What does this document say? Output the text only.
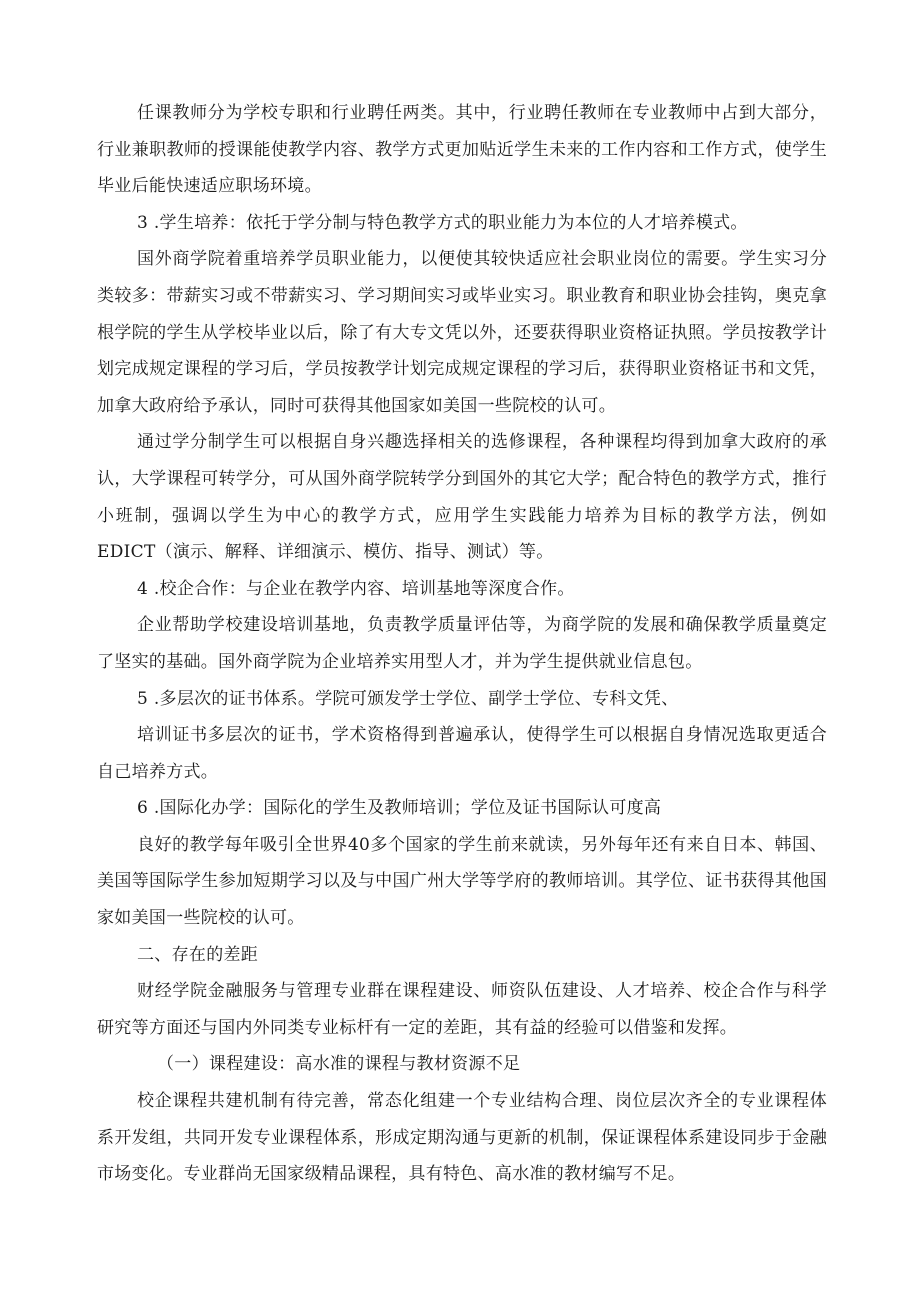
任课教师分为学校专职和行业聘任两类。其中，行业聘任教师在专业教师中占到大部分，行业兼职教师的授课能使教学内容、教学方式更加贴近学生未来的工作内容和工作方式，使学生毕业后能快速适应职场环境。

3 .学生培养：依托于学分制与特色教学方式的职业能力为本位的人才培养模式。

国外商学院着重培养学员职业能力，以便使其较快适应社会职业岗位的需要。学生实习分类较多：带薪实习或不带薪实习、学习期间实习或毕业实习。职业教育和职业协会挂钩，奥克拿根学院的学生从学校毕业以后，除了有大专文凭以外，还要获得职业资格证执照。学员按教学计划完成规定课程的学习后，学员按教学计划完成规定课程的学习后，获得职业资格证书和文凭，加拿大政府给予承认，同时可获得其他国家如美国一些院校的认可。

通过学分制学生可以根据自身兴趣选择相关的选修课程，各种课程均得到加拿大政府的承认，大学课程可转学分，可从国外商学院转学分到国外的其它大学；配合特色的教学方式，推行小班制，强调以学生为中心的教学方式，应用学生实践能力培养为目标的教学方法，例如EDICT（演示、解释、详细演示、模仿、指导、测试）等。

4 .校企合作：与企业在教学内容、培训基地等深度合作。

企业帮助学校建设培训基地，负责教学质量评估等，为商学院的发展和确保教学质量奠定了坚实的基础。国外商学院为企业培养实用型人才，并为学生提供就业信息包。

5 .多层次的证书体系。学院可颁发学士学位、副学士学位、专科文凭、

培训证书多层次的证书，学术资格得到普遍承认，使得学生可以根据自身情况选取更适合自己培养方式。

6 .国际化办学：国际化的学生及教师培训；学位及证书国际认可度高

良好的教学每年吸引全世界40多个国家的学生前来就读，另外每年还有来自日本、韩国、美国等国际学生参加短期学习以及与中国广州大学等学府的教师培训。其学位、证书获得其他国家如美国一些院校的认可。

二、存在的差距

财经学院金融服务与管理专业群在课程建设、师资队伍建设、人才培养、校企合作与科学研究等方面还与国内外同类专业标杆有一定的差距，其有益的经验可以借鉴和发挥。

（一）课程建设：高水准的课程与教材资源不足

校企课程共建机制有待完善，常态化组建一个专业结构合理、岗位层次齐全的专业课程体系开发组，共同开发专业课程体系，形成定期沟通与更新的机制，保证课程体系建设同步于金融市场变化。专业群尚无国家级精品课程，具有特色、高水准的教材编写不足。
